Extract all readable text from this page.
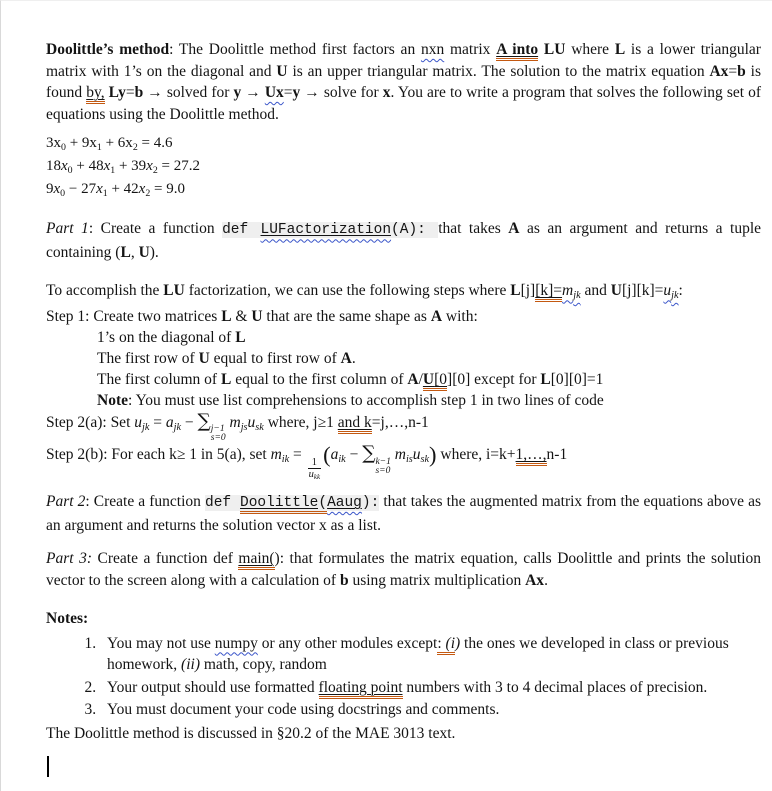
Doolittle’s method: The Doolittle method first factors an nxn matrix A into LU where L is a lower triangular matrix with 1’s on the diagonal and U is an upper triangular matrix. The solution to the matrix equation Ax=b is found by, Ly=b → solved for y → Ux=y → solve for x. You are to write a program that solves the following set of equations using the Doolittle method.
$3x_0 + 9x_1 + 6x_2 = 4.6$
$18x_0 + 48x_1 + 39x_2 = 27.2$
$9x_0 - 27x_1 + 42x_2 = 9.0$
Part 1: Create a function def LUFactorization(A): that takes A as an argument and returns a tuple containing (L, U).
To accomplish the LU factorization, we can use the following steps where $L[j][k]=m_{jk}$ and $U[j][k]=u_{jk}$:
Step 1: Create two matrices L & U that are the same shape as A with:
1’s on the diagonal of L
The first row of U equal to first row of A.
The first column of L equal to the first column of A/U[0][0] except for L[0][0]=1
Note: You must use list comprehensions to accomplish step 1 in two lines of code
Step 2(a): Set $u_{jk} = a_{jk}$ − ∑ j−1
s=0
$m_{js}u_{sk}$ where, j≥1 and k=j,…,n-1
Step 2(b): For each k≥ 1 in 5(a), set $m_{ik}$ =
$\frac{1}{u_{kk}}$
($a_{ik}$ − ∑ k−1
s=0
$m_{is}u_{sk}$) where, i=k+1,…,n-1
Part 2: Create a function def Doolittle(Aaug): that takes the augmented matrix from the equations above as an argument and returns the solution vector x as a list.
Part 3: Create a function def main(): that formulates the matrix equation, calls Doolittle and prints the solution vector to the screen along with a calculation of b using matrix multiplication Ax.
Notes:
1. You may not use numpy or any other modules except: (i) the ones we developed in class or previous homework, (ii) math, copy, random
2. Your output should use formatted floating point numbers with 3 to 4 decimal places of precision.
3. You must document your code using docstrings and comments.
The Doolittle method is discussed in §20.2 of the MAE 3013 text.
